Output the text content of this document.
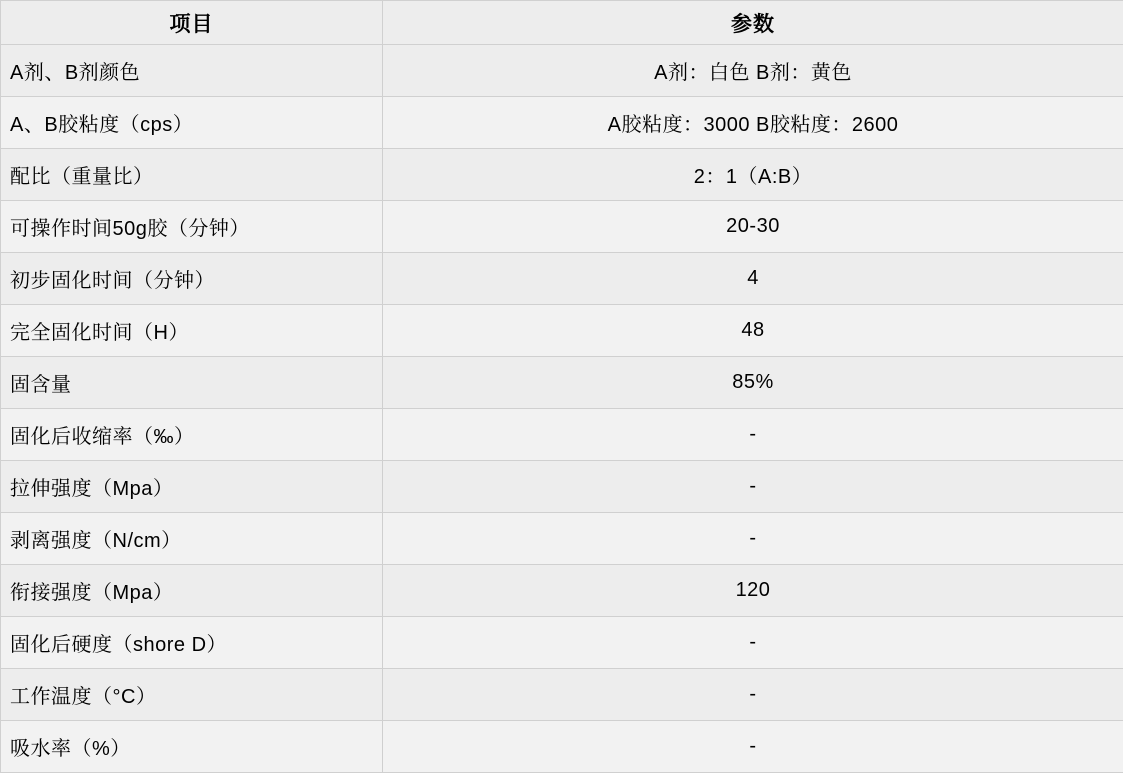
项目	参数
A剂、B剂颜色	A剂：白色 B剂：黄色
A、B胶粘度（cps）	A胶粘度：3000 B胶粘度：2600
配比（重量比）	2：1（A:B）
可操作时间50g胶（分钟）	20-30
初步固化时间（分钟）	4
完全固化时间（H）	48
固含量	85%
固化后收缩率（‰）	-
拉伸强度（Mpa）	-
剥离强度（N/cm）	-
衔接强度（Mpa）	120
固化后硬度（shore D）	-
工作温度（°C）	-
吸水率（%）	-
